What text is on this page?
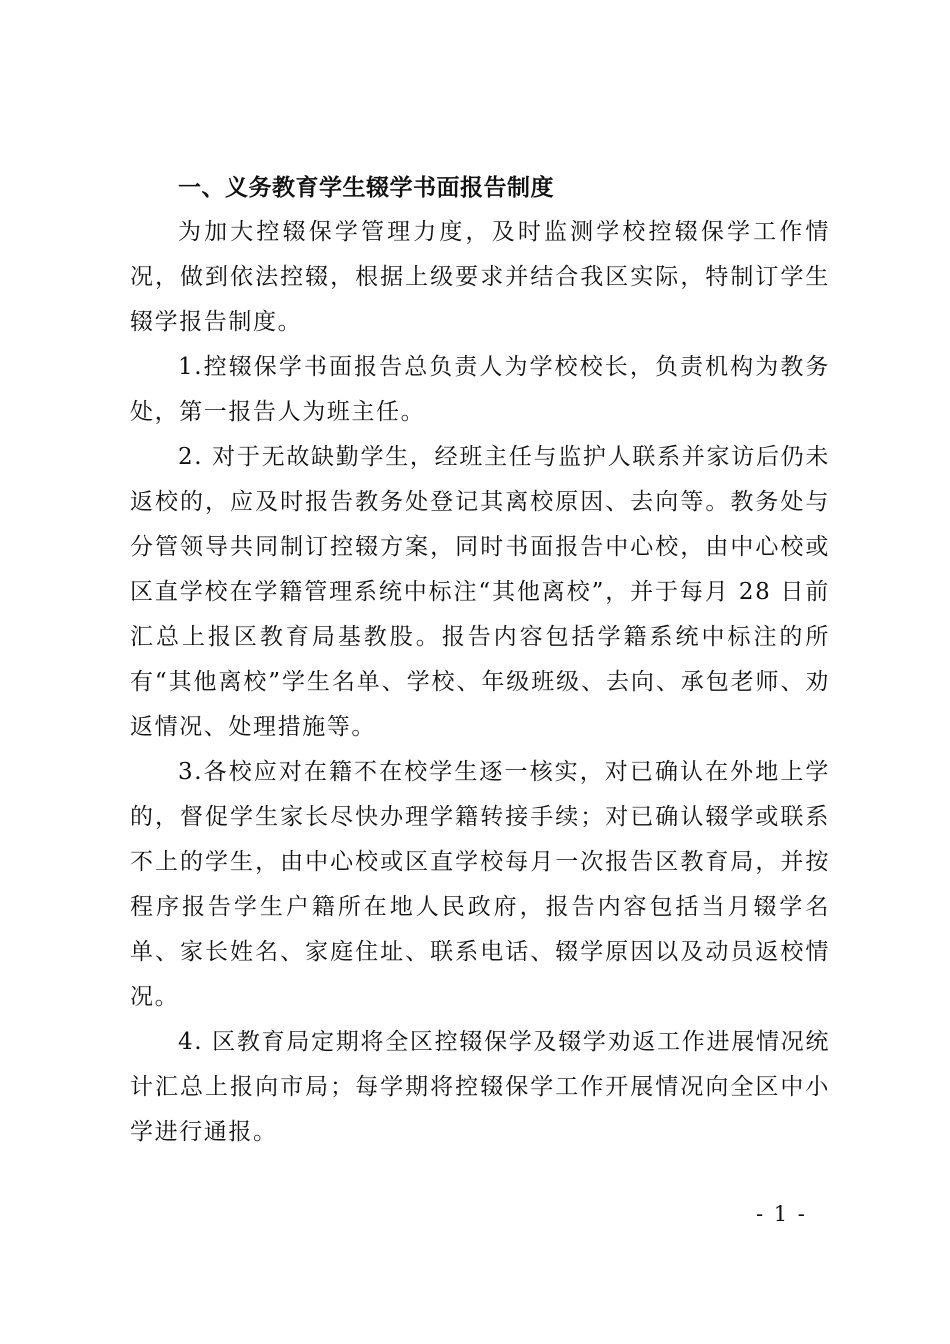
一、义务教育学生辍学书面报告制度

为加大控辍保学管理力度，及时监测学校控辍保学工作情况，做到依法控辍，根据上级要求并结合我区实际，特制订学生辍学报告制度。

1.控辍保学书面报告总负责人为学校校长，负责机构为教务处，第一报告人为班主任。

2. 对于无故缺勤学生，经班主任与监护人联系并家访后仍未返校的，应及时报告教务处登记其离校原因、去向等。教务处与分管领导共同制订控辍方案，同时书面报告中心校，由中心校或区直学校在学籍管理系统中标注“其他离校”，并于每月 28 日前汇总上报区教育局基教股。报告内容包括学籍系统中标注的所有“其他离校”学生名单、学校、年级班级、去向、承包老师、劝返情况、处理措施等。

3.各校应对在籍不在校学生逐一核实，对已确认在外地上学的，督促学生家长尽快办理学籍转接手续；对已确认辍学或联系不上的学生，由中心校或区直学校每月一次报告区教育局，并按程序报告学生户籍所在地人民政府，报告内容包括当月辍学名单、家长姓名、家庭住址、联系电话、辍学原因以及动员返校情况。

4. 区教育局定期将全区控辍保学及辍学劝返工作进展情况统计汇总上报向市局；每学期将控辍保学工作开展情况向全区中小学进行通报。

- 1 -
